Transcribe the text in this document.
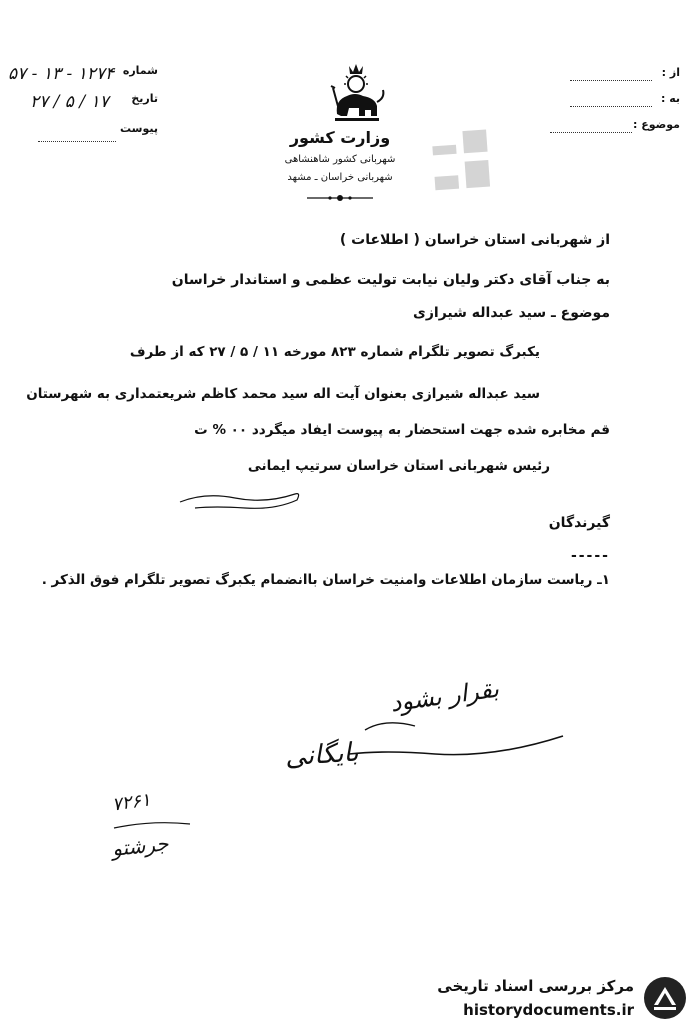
۵۷ - ۱۳ - ۱۲۷۴ شماره
۲۷ / ۵ / ۱۷ تاریخ
پیوست
از :
به :
موضوع :
وزارت کشور
شهربانی کشور شاهنشاهی
شهربانی خراسان ـ مشهد
▂▅ ▃▆
از شهربانی استان خراسان ( اطلاعات )
به جناب آقای دکتر ولیان نیابت تولیت عظمی و استاندار خراسان
موضوع ـ سید عبداله شیرازی
یکبرگ تصویر تلگرام شماره ۸۲۳ مورخه ۱۱ / ۵ / ۲۷ که از طرف
سید عبداله شیرازی بعنوان آیت اله سید محمد کاظم شریعتمداری به شهرستان
قم مخابره شده جهت استحضار به پیوست ایفاد میگردد ۰۰ % ت
رئیس شهربانی استان خراسان سرتیپ ایمانی
گیرندگان
-----
۱ـ ریاست سازمان اطلاعات وامنیت خراسان باانضمام یکبرگ تصویر تلگرام فوق الذکر .
بقرار بشود
بایگانی
۷۲۶۱
جرشتو
مرکز بررسی اسناد تاریخی
historydocuments.ir
